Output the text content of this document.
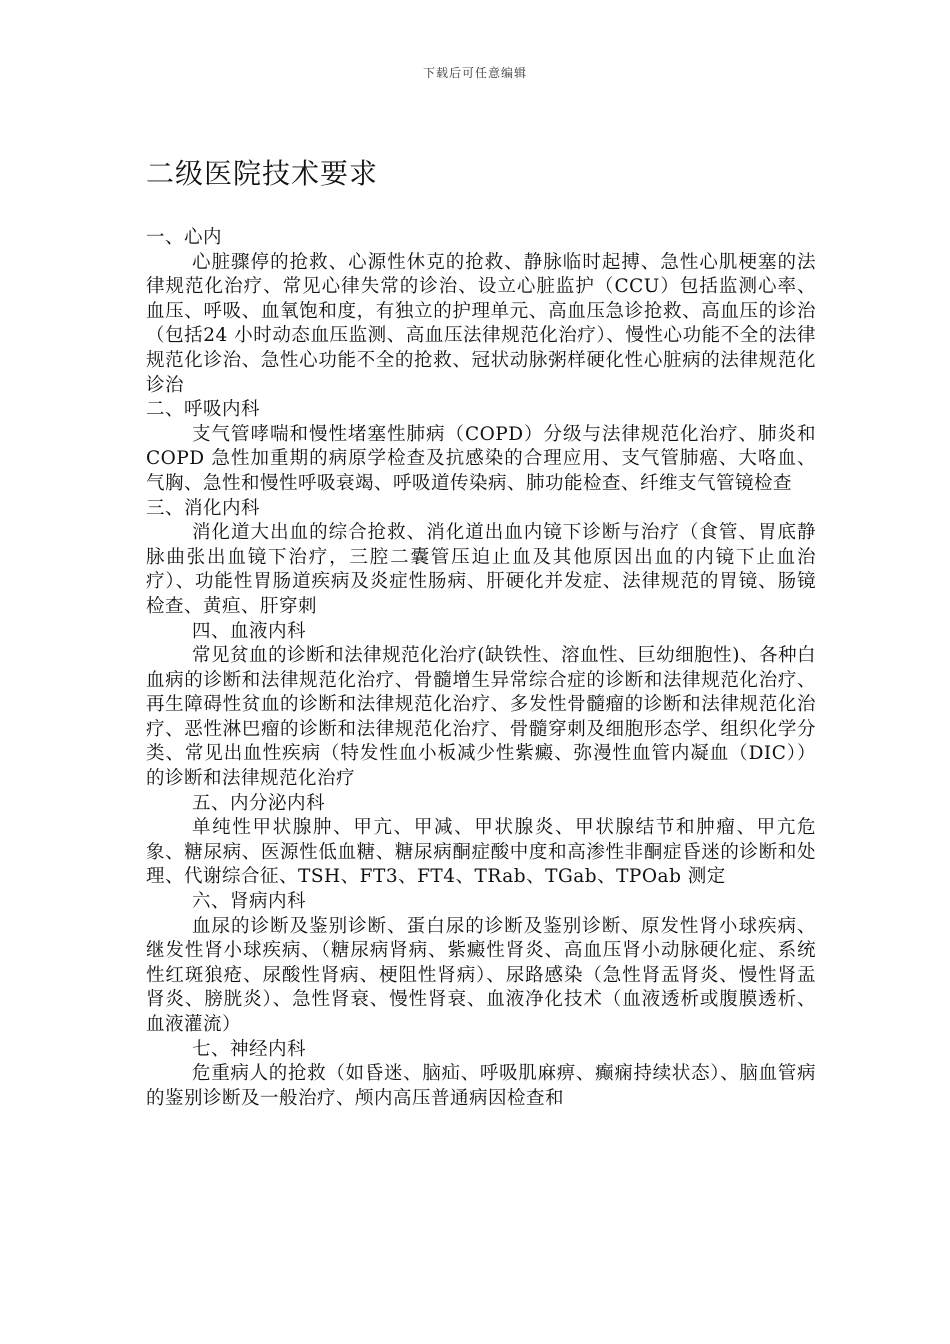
下载后可任意编辑
二级医院技术要求

一、心内

心脏骤停的抢救、心源性休克的抢救、静脉临时起搏、急性心肌梗塞的法律规范化治疗、常见心律失常的诊治、设立心脏监护（CCU）包括监测心率、血压、呼吸、血氧饱和度，有独立的护理单元、高血压急诊抢救、高血压的诊治（包括24 小时动态血压监测、高血压法律规范化治疗）、慢性心功能不全的法律规范化诊治、急性心功能不全的抢救、冠状动脉粥样硬化性心脏病的法律规范化诊治

二、呼吸内科

支气管哮喘和慢性堵塞性肺病（COPD）分级与法律规范化治疗、肺炎和COPD 急性加重期的病原学检查及抗感染的合理应用、支气管肺癌、大咯血、气胸、急性和慢性呼吸衰竭、呼吸道传染病、肺功能检查、纤维支气管镜检查

三、消化内科

消化道大出血的综合抢救、消化道出血内镜下诊断与治疗（食管、胃底静脉曲张出血镜下治疗，三腔二囊管压迫止血及其他原因出血的内镜下止血治疗）、功能性胃肠道疾病及炎症性肠病、肝硬化并发症、法律规范的胃镜、肠镜检查、黄疸、肝穿刺

四、血液内科

常见贫血的诊断和法律规范化治疗(缺铁性、溶血性、巨幼细胞性)、各种白血病的诊断和法律规范化治疗、骨髓增生异常综合症的诊断和法律规范化治疗、再生障碍性贫血的诊断和法律规范化治疗、多发性骨髓瘤的诊断和法律规范化治疗、恶性淋巴瘤的诊断和法律规范化治疗、骨髓穿刺及细胞形态学、组织化学分类、常见出血性疾病（特发性血小板减少性紫癜、弥漫性血管内凝血（DIC））的诊断和法律规范化治疗

五、内分泌内科

单纯性甲状腺肿、甲亢、甲减、甲状腺炎、甲状腺结节和肿瘤、甲亢危象、糖尿病、医源性低血糖、糖尿病酮症酸中度和高渗性非酮症昏迷的诊断和处理、代谢综合征、TSH、FT3、FT4、TRab、TGab、TPOab 测定

六、肾病内科

血尿的诊断及鉴别诊断、蛋白尿的诊断及鉴别诊断、原发性肾小球疾病、继发性肾小球疾病、（糖尿病肾病、紫癜性肾炎、高血压肾小动脉硬化症、系统性红斑狼疮、尿酸性肾病、梗阻性肾病）、尿路感染（急性肾盂肾炎、慢性肾盂肾炎、膀胱炎）、急性肾衰、慢性肾衰、血液净化技术（血液透析或腹膜透析、血液灌流）

七、神经内科

危重病人的抢救（如昏迷、脑疝、呼吸肌麻痹、癫痫持续状态）、脑血管病的鉴别诊断及一般治疗、颅内高压普通病因检查和
